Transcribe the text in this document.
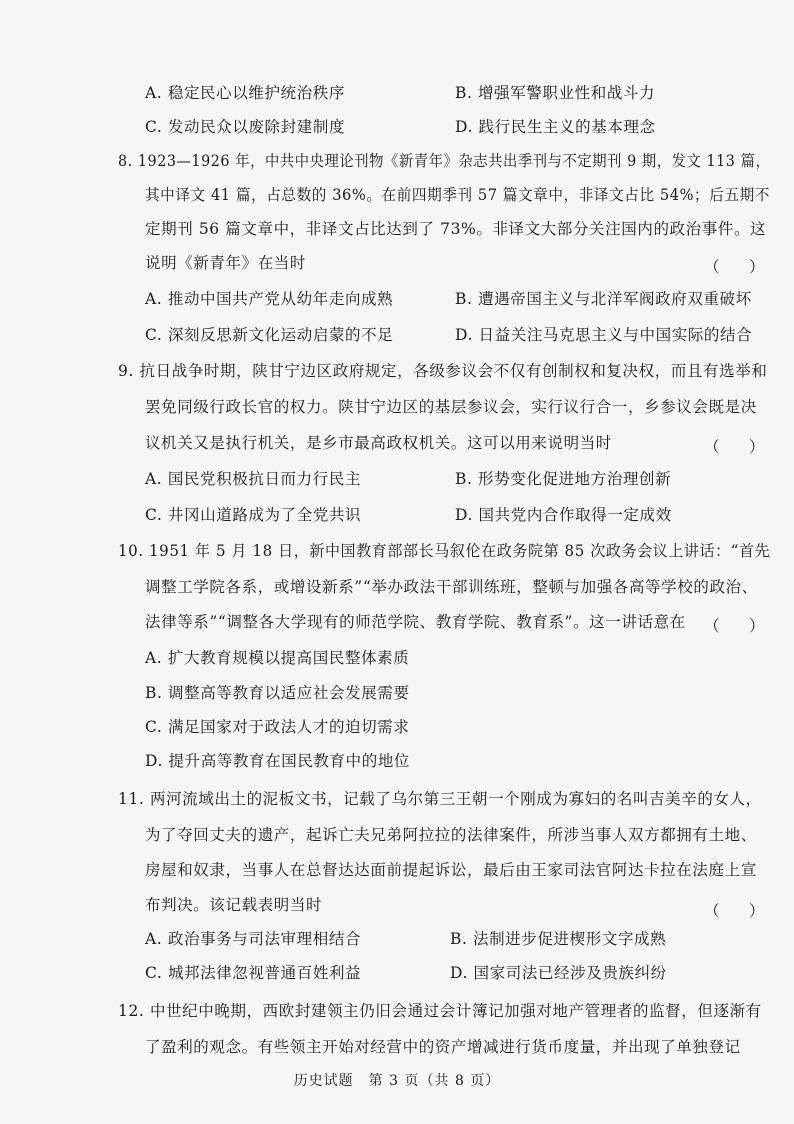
A. 稳定民心以维护统治秩序	B. 增强军警职业性和战斗力
C. 发动民众以废除封建制度	D. 践行民生主义的基本理念
8. 1923—1926 年，中共中央理论刊物《新青年》杂志共出季刊与不定期刊 9 期，发文 113 篇，
其中译文 41 篇，占总数的 36%。在前四期季刊 57 篇文章中，非译文占比 54%；后五期不
定期刊 56 篇文章中，非译文占比达到了 73%。非译文大部分关注国内的政治事件。这
说明《新青年》在当时	（      ）
A. 推动中国共产党从幼年走向成熟	B. 遭遇帝国主义与北洋军阀政府双重破坏
C. 深刻反思新文化运动启蒙的不足	D. 日益关注马克思主义与中国实际的结合
9. 抗日战争时期，陕甘宁边区政府规定，各级参议会不仅有创制权和复决权，而且有选举和
罢免同级行政长官的权力。陕甘宁边区的基层参议会，实行议行合一，乡参议会既是决
议机关又是执行机关，是乡市最高政权机关。这可以用来说明当时	（      ）
A. 国民党积极抗日而力行民主	B. 形势变化促进地方治理创新
C. 井冈山道路成为了全党共识	D. 国共党内合作取得一定成效
10. 1951 年 5 月 18 日，新中国教育部部长马叙伦在政务院第 85 次政务会议上讲话：“首先
调整工学院各系，或增设新系”“举办政法干部训练班，整顿与加强各高等学校的政治、
法律等系”“调整各大学现有的师范学院、教育学院、教育系”。这一讲话意在 （      ）
A. 扩大教育规模以提高国民整体素质
B. 调整高等教育以适应社会发展需要
C. 满足国家对于政法人才的迫切需求
D. 提升高等教育在国民教育中的地位
11. 两河流域出土的泥板文书，记载了乌尔第三王朝一个刚成为寡妇的名叫吉美辛的女人，
为了夺回丈夫的遗产，起诉亡夫兄弟阿拉拉的法律案件，所涉当事人双方都拥有土地、
房屋和奴隶，当事人在总督达达面前提起诉讼，最后由王家司法官阿达卡拉在法庭上宣
布判决。该记载表明当时	（      ）
A. 政治事务与司法审理相结合	B. 法制进步促进楔形文字成熟
C. 城邦法律忽视普通百姓利益	D. 国家司法已经涉及贵族纠纷
12. 中世纪中晚期，西欧封建领主仍旧会通过会计簿记加强对地产管理者的监督，但逐渐有
了盈利的观念。有些领主开始对经营中的资产增减进行货币度量，并出现了单独登记
历史试题　第 3 页（共 8 页）
